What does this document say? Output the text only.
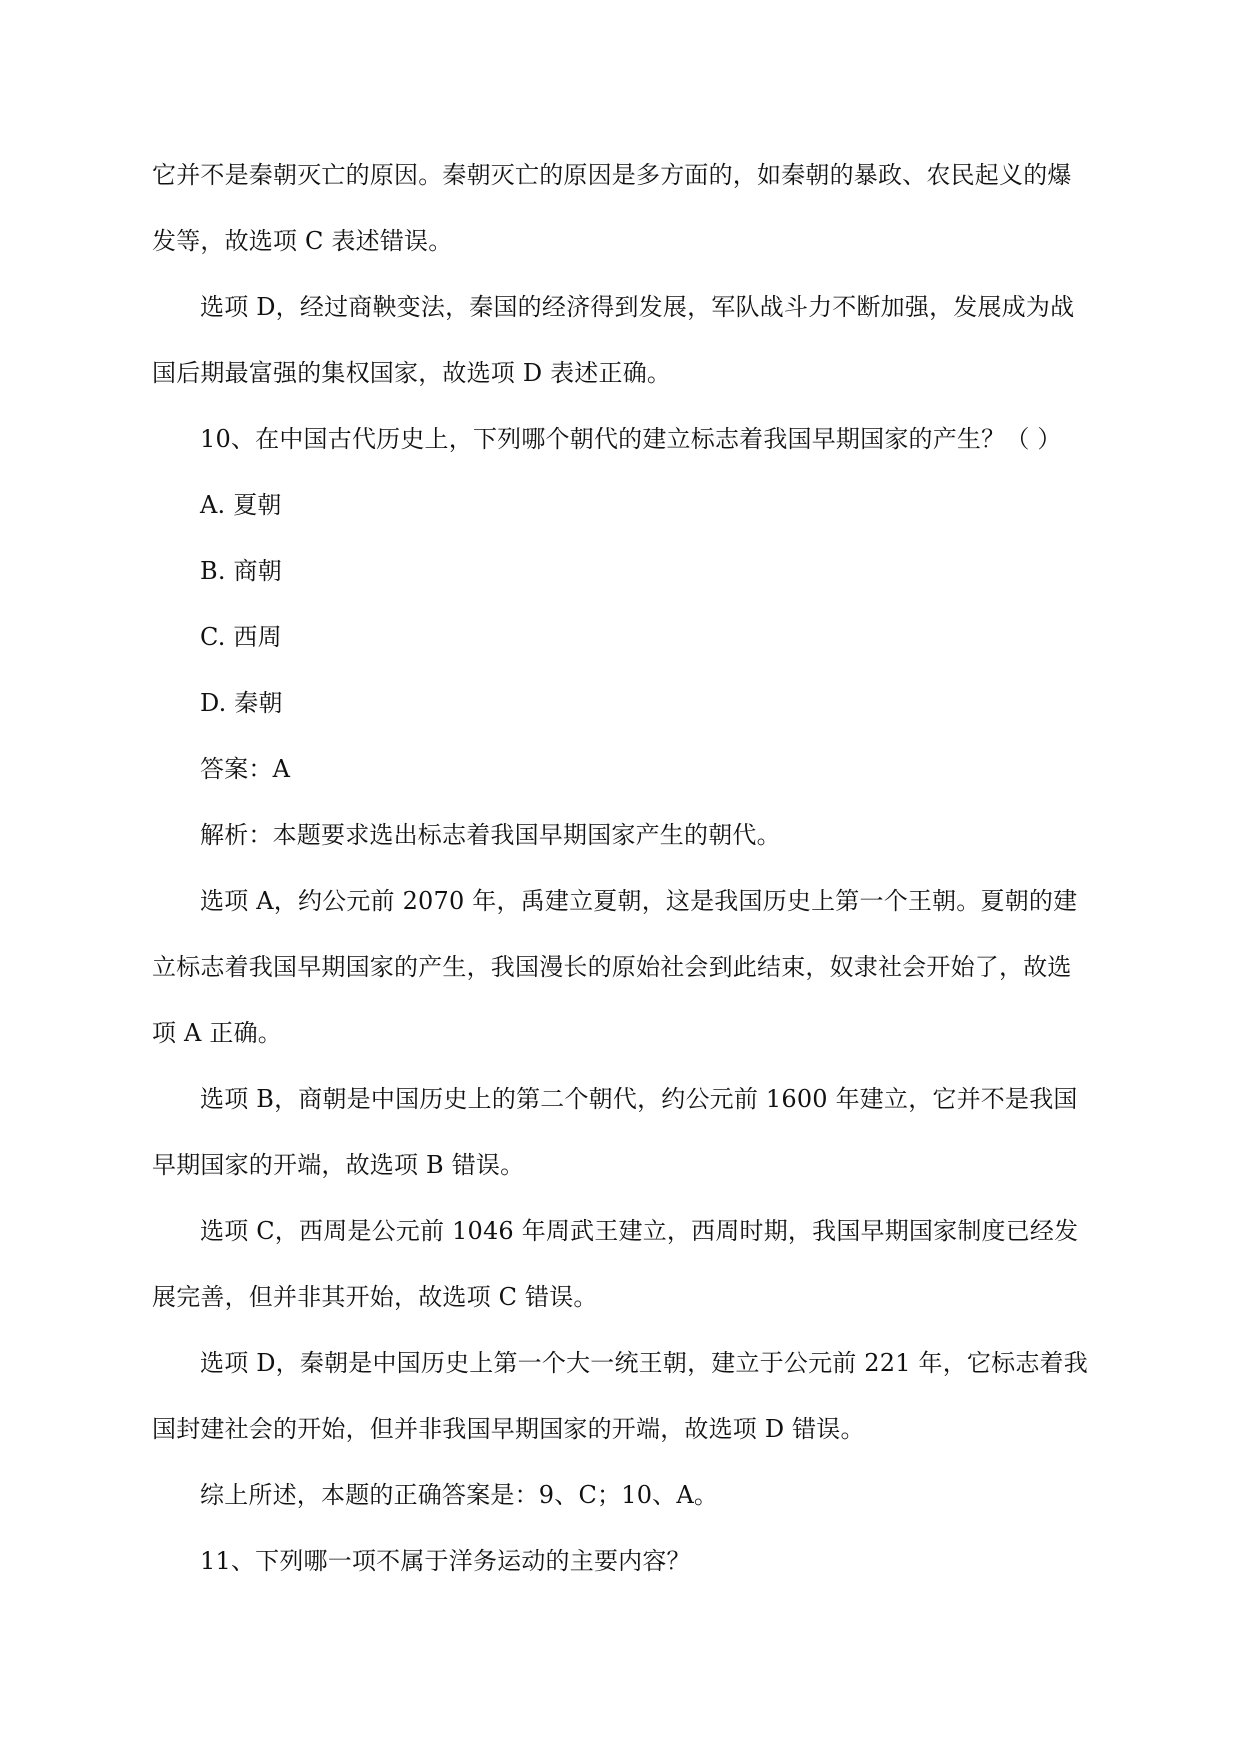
它并不是秦朝灭亡的原因。秦朝灭亡的原因是多方面的，如秦朝的暴政、农民起义的爆

发等，故选项 C 表述错误。

选项 D，经过商鞅变法，秦国的经济得到发展，军队战斗力不断加强，发展成为战

国后期最富强的集权国家，故选项 D 表述正确。

10、在中国古代历史上，下列哪个朝代的建立标志着我国早期国家的产生？（ ）

A. 夏朝

B. 商朝

C. 西周

D. 秦朝

答案：A

解析：本题要求选出标志着我国早期国家产生的朝代。

选项 A，约公元前 2070 年，禹建立夏朝，这是我国历史上第一个王朝。夏朝的建

立标志着我国早期国家的产生，我国漫长的原始社会到此结束，奴隶社会开始了，故选

项 A 正确。

选项 B，商朝是中国历史上的第二个朝代，约公元前 1600 年建立，它并不是我国

早期国家的开端，故选项 B 错误。

选项 C，西周是公元前 1046 年周武王建立，西周时期，我国早期国家制度已经发

展完善，但并非其开始，故选项 C 错误。

选项 D，秦朝是中国历史上第一个大一统王朝，建立于公元前 221 年，它标志着我

国封建社会的开始，但并非我国早期国家的开端，故选项 D 错误。

综上所述，本题的正确答案是：9、C；10、A。

11、下列哪一项不属于洋务运动的主要内容？
